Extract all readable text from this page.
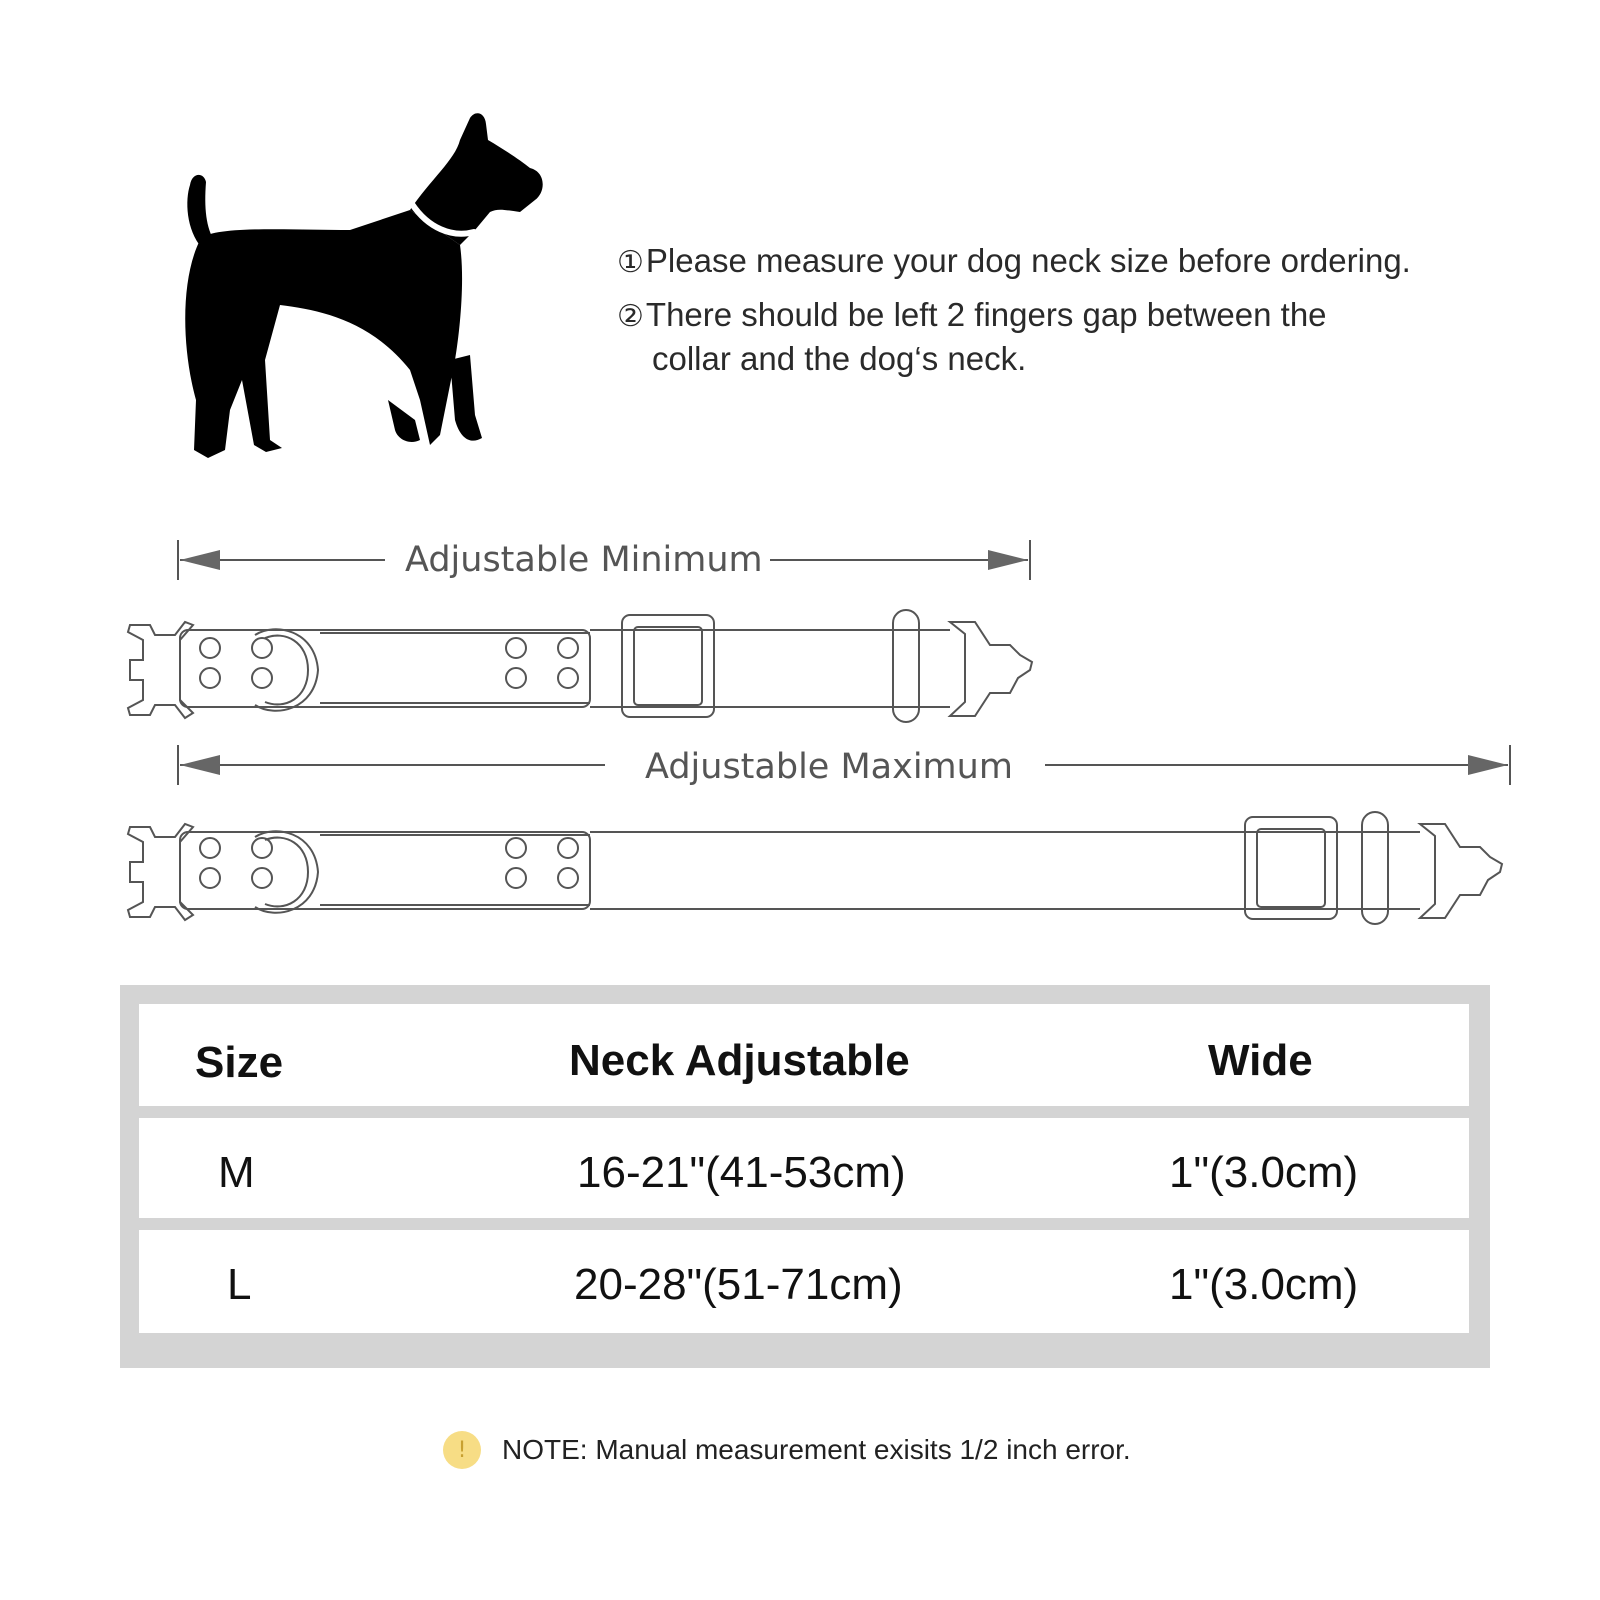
①Please measure your dog neck size before ordering.
②There should be left 2 fingers gap between the
collar and the dog‘s neck.
Adjustable Minimum
Adjustable Maximum
Size	Neck Adjustable	Wide
M	16-21"(41-53cm)	1"(3.0cm)
L	20-28"(51-71cm)	1"(3.0cm)
!	NOTE: Manual measurement exisits 1/2 inch error.
